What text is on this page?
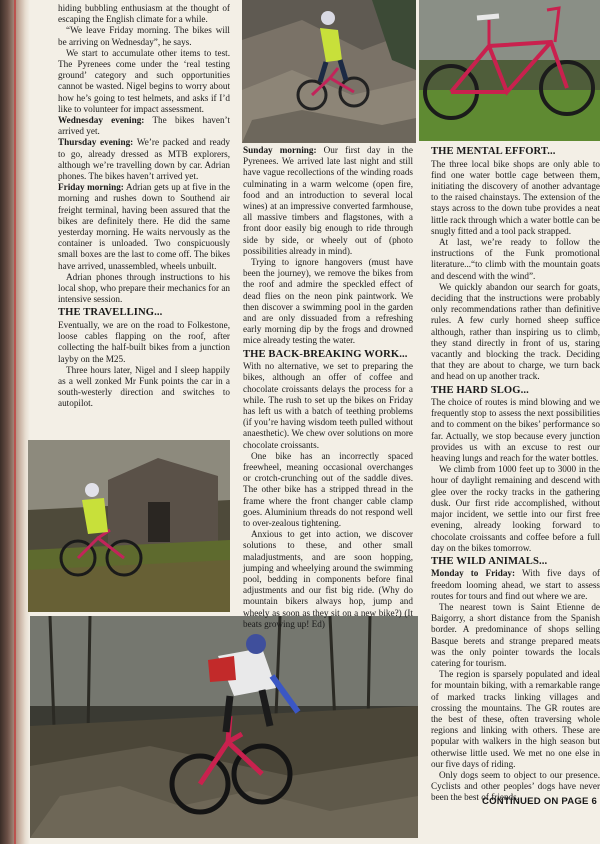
hiding bubbling enthusiasm at the thought of escaping the English climate for a while.

“We leave Friday morning. The bikes will be arriving on Wednesday”, he says.

We start to accumulate other items to test. The Pyrenees come under the ‘real testing ground’ category and such opportunities cannot be wasted. Nigel begins to worry about how he’s going to test helmets, and asks if I’d like to volunteer for impact assessment.

Wednesday evening: The bikes haven’t arrived yet.

Thursday evening: We’re packed and ready to go, already dressed as MTB explorers, although we’re travelling down by car. Adrian phones. The bikes haven’t arrived yet.

Friday morning: Adrian gets up at five in the morning and rushes down to Southend air freight terminal, having been assured that the bikes are definitely there. He did the same yesterday morning. He waits nervously as the container is unloaded. Two conspicuously small boxes are the last to come off. The bikes have arrived, unassembled, wheels unbuilt.

Adrian phones through instructions to his local shop, who prepare their mechanics for an intensive session.

THE TRAVELLING...

Eventually, we are on the road to Folkestone, loose cables flapping on the roof, after collecting the half-built bikes from a junction layby on the M25.

Three hours later, Nigel and I sleep happily as a well zonked Mr Funk points the car in a south-westerly direction and switches to autopilot.

Sunday morning: Our first day in the Pyrenees. We arrived late last night and still have vague recollections of the winding roads culminating in a warm welcome (open fire, food and an introduction to several local wines) at an impressive converted farmhouse, all massive timbers and flagstones, with a front door easily big enough to ride through side by side, or wheely out of (photo possibilities already in mind).

Trying to ignore hangovers (must have been the journey), we remove the bikes from the roof and admire the speckled effect of dead flies on the neon pink paintwork. We then discover a swimming pool in the garden and are only dissuaded from a refreshing early morning dip by the frogs and drowned mice already testing the water.

THE BACK-BREAKING WORK...

With no alternative, we set to preparing the bikes, although an offer of coffee and chocolate croissants delays the process for a while. The rush to set up the bikes on Friday has left us with a batch of teething problems (if you’re having wisdom teeth pulled without anaesthetic). We chew over solutions on more chocolate croissants.

One bike has an incorrectly spaced freewheel, meaning occasional overchanges or crotch-crunching out of the saddle dives. The other bike has a stripped thread in the frame where the front changer cable clamp goes. Aluminium threads do not respond well to over-zealous tightening.

Anxious to get into action, we discover solutions to these, and other small maladjustments, and are soon hopping, jumping and wheelying around the swimming pool, bedding in components before final adjustments and our fist big ride. (Why do mountain bikers always hop, jump and wheely as soon as they sit on a new bike?) (It beats growing up! Ed)

THE MENTAL EFFORT...

The three local bike shops are only able to find one water bottle cage between them, initiating the discovery of another advantage to the raised chainstays. The extension of the stays across to the down tube provides a neat little rack through which a water bottle can be snugly fitted and a tool pack strapped.

At last, we’re ready to follow the instructions of the Funk promotional literature...“to climb with the mountain goats and descend with the wind”.

We quickly abandon our search for goats, deciding that the instructions were probably only recommendations rather than definitive rules. A few curly horned sheep suffice although, rather than inspiring us to climb, they stand directly in front of us, staring vacantly and blocking the track. Deciding that they are about to charge, we turn back and head on up another track.

THE HARD SLOG...

The choice of routes is mind blowing and we frequently stop to assess the next possibilities and to comment on the bikes’ performance so far. Actually, we stop because every junction provides us with an excuse to rest our heaving lungs and reach for the water bottles.

We climb from 1000 feet up to 3000 in the hour of daylight remaining and descend with glee over the rocky tracks in the gathering dusk. Our first ride accomplished, without major incident, we settle into our first free evening, already looking forward to chocolate croissants and coffee before a full day on the bikes tomorrow.

THE WILD ANIMALS...

Monday to Friday: With five days of freedom looming ahead, we start to assess routes for tours and find out where we are.

The nearest town is Saint Etienne de Baigorry, a short distance from the Spanish border. A predominance of shops selling Basque berets and strange prepared meats was the only pointer towards the locals catering for tourism.

The region is sparsely populated and ideal for mountain biking, with a remarkable range of marked tracks linking villages and crossing the mountains. The GR routes are the best of these, often traversing whole regions and linking with others. These are popular with walkers in the high season but otherwise little used. We met no one else in our five days of riding.

Only dogs seem to object to our presence. Cyclists and other peoples’ dogs have never been the best of friends.

CONTINUED ON PAGE 6
